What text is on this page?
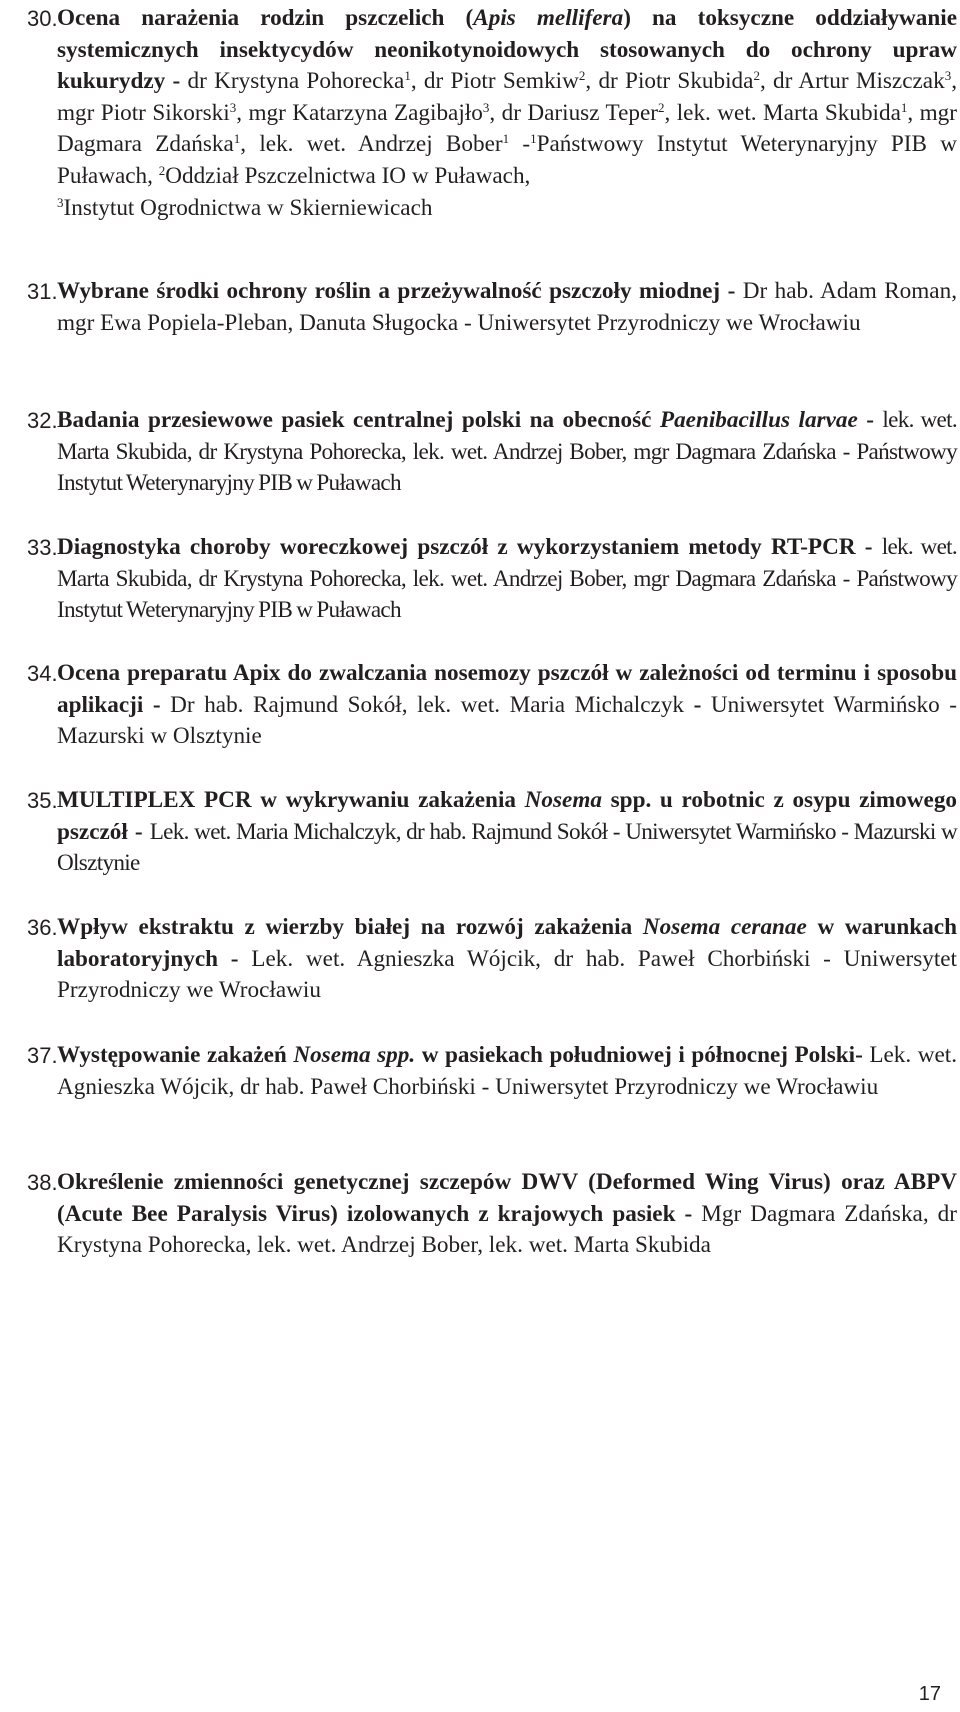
30. Ocena narażenia rodzin pszczelich (Apis mellifera) na toksyczne oddziaływanie systemicznych insektycydów neonikotynoidowych stosowanych do ochrony upraw kukurydzy - dr Krystyna Pohorecka$^1$, dr Piotr Semkiw$^2$, dr Piotr Skubida$^2$, dr Artur Miszczak$^3$, mgr Piotr Sikorski$^3$, mgr Katarzyna Zagibajło$^3$, dr Dariusz Teper$^2$, lek. wet. Marta Skubida$^1$, mgr Dagmara Zdańska$^1$, lek. wet. Andrzej Bober$^1$ -$^1$Państwowy Instytut Weterynaryjny PIB w Puławach, $^2$Oddział Pszczelnictwa IO w Puławach,
$^3$Instytut Ogrodnictwa w Skierniewicach
31. Wybrane środki ochrony roślin a przeżywalność pszczoły miodnej - Dr hab. Adam Roman, mgr Ewa Popiela-Pleban, Danuta Sługocka - Uniwersytet Przyrodniczy we Wrocławiu
32. Badania przesiewowe pasiek centralnej polski na obecność Paenibacillus larvae - lek. wet. Marta Skubida, dr Krystyna Pohorecka, lek. wet. Andrzej Bober, mgr Dagmara Zdańska - Państwowy Instytut Weterynaryjny PIB w Puławach
33. Diagnostyka choroby woreczkowej pszczół z wykorzystaniem metody RT-PCR - lek. wet. Marta Skubida, dr Krystyna Pohorecka, lek. wet. Andrzej Bober, mgr Dagmara Zdańska - Państwowy Instytut Weterynaryjny PIB w Puławach
34. Ocena preparatu Apix do zwalczania nosemozy pszczół w zależności od terminu i sposobu aplikacji - Dr hab. Rajmund Sokół, lek. wet. Maria Michalczyk - Uniwersytet Warmińsko - Mazurski w Olsztynie
35. MULTIPLEX PCR w wykrywaniu zakażenia Nosema spp. u robotnic z osypu zimowego pszczół - Lek. wet. Maria Michalczyk, dr hab. Rajmund Sokół - Uniwersytet Warmińsko - Mazurski w Olsztynie
36. Wpływ ekstraktu z wierzby białej na rozwój zakażenia Nosema ceranae w warunkach laboratoryjnych - Lek. wet. Agnieszka Wójcik, dr hab. Paweł Chorbiński - Uniwersytet Przyrodniczy we Wrocławiu
37. Występowanie zakażeń Nosema spp. w pasiekach południowej i północnej Polski- Lek. wet. Agnieszka Wójcik, dr hab. Paweł Chorbiński - Uniwersytet Przyrodniczy we Wrocławiu
38. Określenie zmienności genetycznej szczepów DWV (Deformed Wing Virus) oraz ABPV (Acute Bee Paralysis Virus) izolowanych z krajowych pasiek - Mgr Dagmara Zdańska, dr Krystyna Pohorecka, lek. wet. Andrzej Bober, lek. wet. Marta Skubida
17
